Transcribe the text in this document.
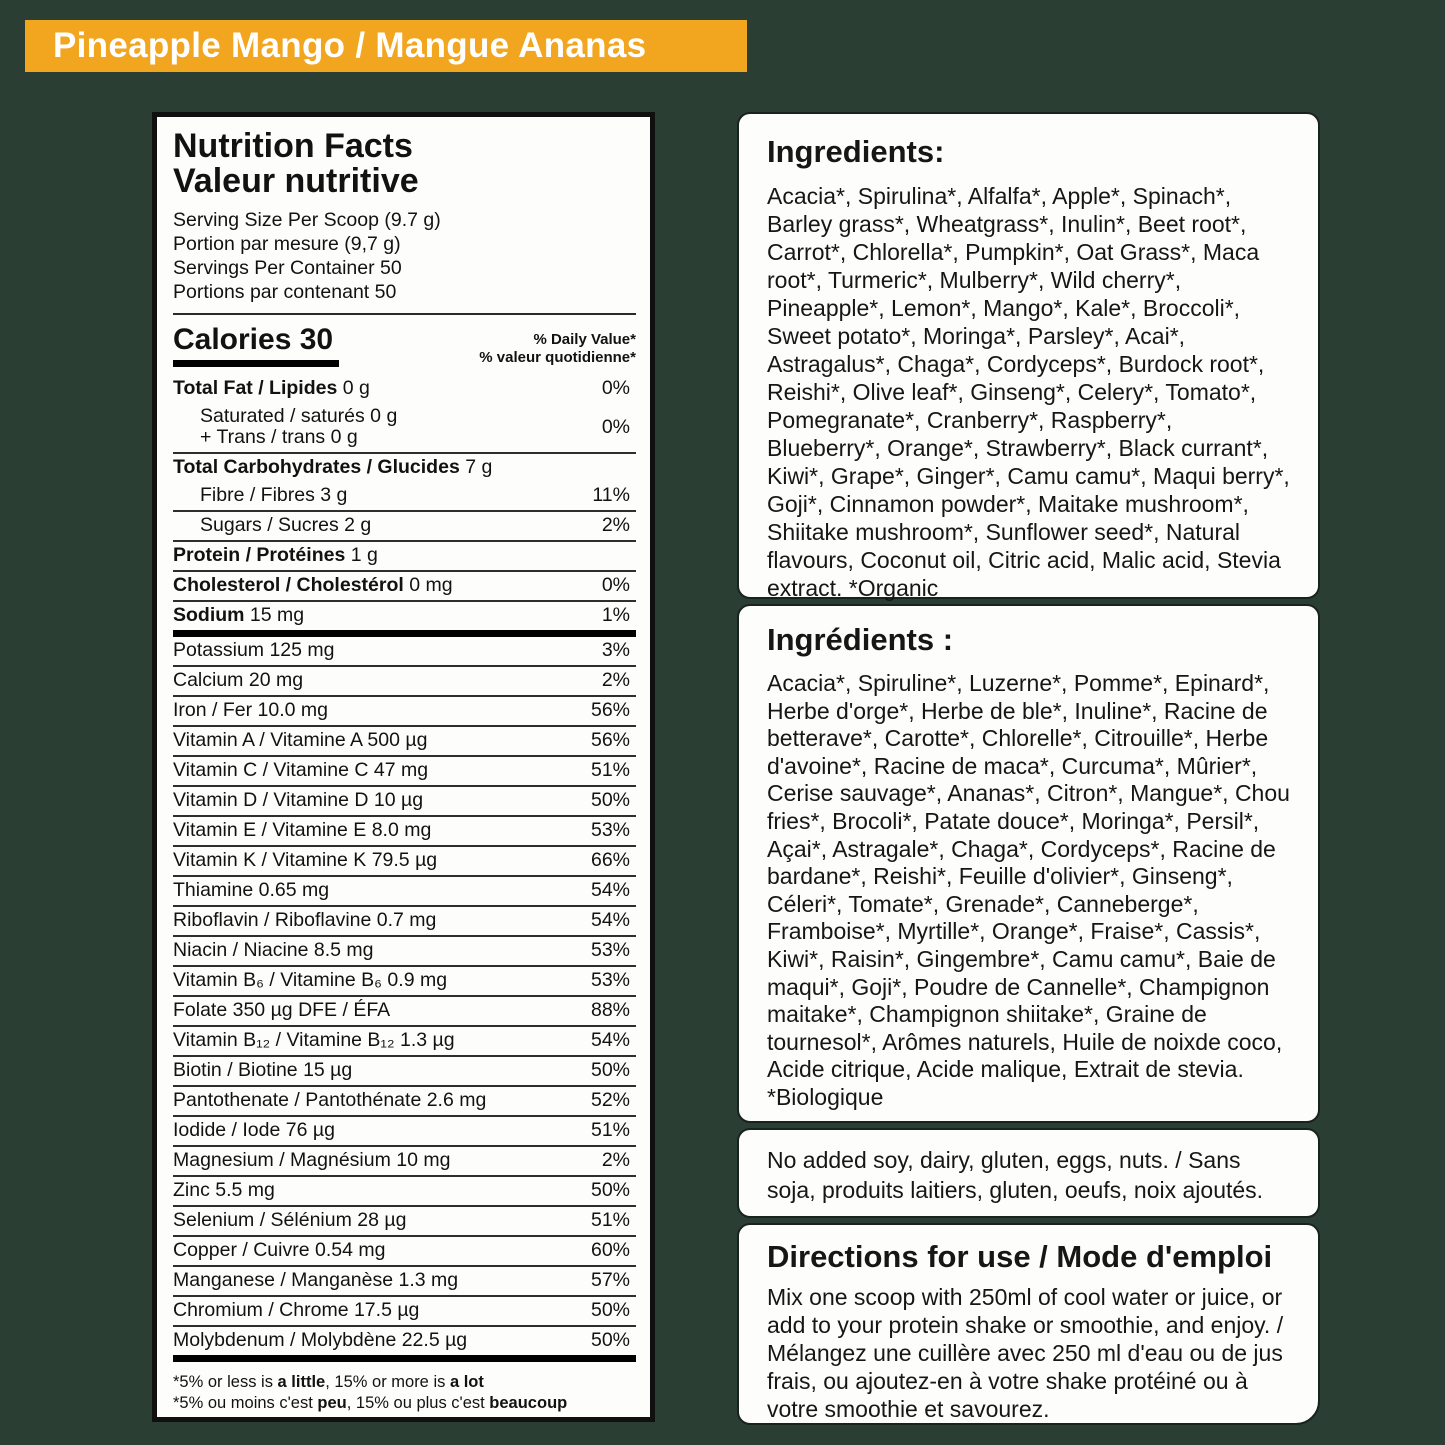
Pineapple Mango / Mangue Ananas
Nutrition Facts
Valeur nutritive
Serving Size Per Scoop (9.7 g)
Portion par mesure (9,7 g)
Servings Per Container 50
Portions par contenant 50
Calories 30	% Daily Value*
% valeur quotidienne*
Total Fat / Lipides 0 g	0%
Saturated / saturés 0 g
+ Trans / trans 0 g	0%
Total Carbohydrates / Glucides 7 g
Fibre / Fibres 3 g	11%
Sugars / Sucres 2 g	2%
Protein / Protéines 1 g
Cholesterol / Cholestérol 0 mg	0%
Sodium 15 mg	1%
Potassium 125 mg	3%
Calcium 20 mg	2%
Iron / Fer 10.0 mg	56%
Vitamin A / Vitamine A 500 µg	56%
Vitamin C / Vitamine C 47 mg	51%
Vitamin D / Vitamine D 10 µg	50%
Vitamin E / Vitamine E 8.0 mg	53%
Vitamin K / Vitamine K 79.5 µg	66%
Thiamine 0.65 mg	54%
Riboflavin / Riboflavine 0.7 mg	54%
Niacin / Niacine 8.5 mg	53%
Vitamin B₆ / Vitamine B₆ 0.9 mg	53%
Folate 350 µg DFE / ÉFA	88%
Vitamin B₁₂ / Vitamine B₁₂ 1.3 µg	54%
Biotin / Biotine 15 µg	50%
Pantothenate / Pantothénate 2.6 mg	52%
Iodide / Iode 76 µg	51%
Magnesium / Magnésium 10 mg	2%
Zinc 5.5 mg	50%
Selenium / Sélénium 28 µg	51%
Copper / Cuivre 0.54 mg	60%
Manganese / Manganèse 1.3 mg	57%
Chromium / Chrome 17.5 µg	50%
Molybdenum / Molybdène 22.5 µg	50%
*5% or less is a little, 15% or more is a lot
*5% ou moins c'est peu, 15% ou plus c'est beaucoup
Ingredients:

Acacia*, Spirulina*, Alfalfa*, Apple*, Spinach*, Barley grass*, Wheatgrass*, Inulin*, Beet root*, Carrot*, Chlorella*, Pumpkin*, Oat Grass*, Maca root*, Turmeric*, Mulberry*, Wild cherry*, Pineapple*, Lemon*, Mango*, Kale*, Broccoli*, Sweet potato*, Moringa*, Parsley*, Acai*, Astragalus*, Chaga*, Cordyceps*, Burdock root*, Reishi*, Olive leaf*, Ginseng*, Celery*, Tomato*, Pomegranate*, Cranberry*, Raspberry*, Blueberry*, Orange*, Strawberry*, Black currant*, Kiwi*, Grape*, Ginger*, Camu camu*, Maqui berry*, Goji*, Cinnamon powder*, Maitake mushroom*, Shiitake mushroom*, Sunflower seed*, Natural flavours, Coconut oil, Citric acid, Malic acid, Stevia extract. *Organic

Ingrédients :

Acacia*, Spiruline*, Luzerne*, Pomme*, Epinard*, Herbe d'orge*, Herbe de ble*, Inuline*, Racine de betterave*, Carotte*, Chlorelle*, Citrouille*, Herbe d'avoine*, Racine de maca*, Curcuma*, Mûrier*, Cerise sauvage*, Ananas*, Citron*, Mangue*, Chou fries*, Brocoli*, Patate douce*, Moringa*, Persil*, Açai*, Astragale*, Chaga*, Cordyceps*, Racine de bardane*, Reishi*, Feuille d'olivier*, Ginseng*, Céleri*, Tomate*, Grenade*, Canneberge*, Framboise*, Myrtille*, Orange*, Fraise*, Cassis*, Kiwi*, Raisin*, Gingembre*, Camu camu*, Baie de maqui*, Goji*, Poudre de Cannelle*, Champignon maitake*, Champignon shiitake*, Graine de tournesol*, Arômes naturels, Huile de noixde coco, Acide citrique, Acide malique, Extrait de stevia. *Biologique

No added soy, dairy, gluten, eggs, nuts. / Sans soja, produits laitiers, gluten, oeufs, noix ajoutés.

Directions for use / Mode d'emploi

Mix one scoop with 250ml of cool water or juice, or add to your protein shake or smoothie, and enjoy. / Mélangez une cuillère avec 250 ml d'eau ou de jus frais, ou ajoutez-en à votre shake protéiné ou à votre smoothie et savourez.
